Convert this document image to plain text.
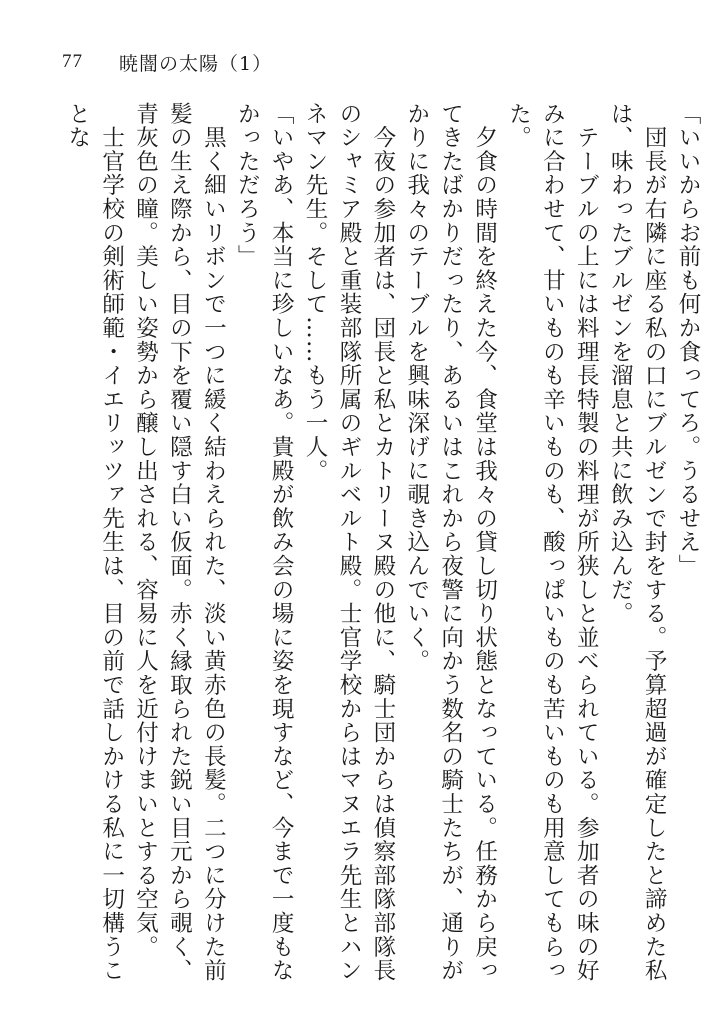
77 暁闇の太陽（1）

「いいからお前も何か食ってろ。うるせえ」

　団長が右隣に座る私の口にブルゼンで封をする。予算超過が確定したと諦めた私は、味わったブルゼンを溜息と共に飲み込んだ。

　テーブルの上には料理長特製の料理が所狭しと並べられている。参加者の味の好みに合わせて、甘いものも辛いものも、酸っぱいものも苦いものも用意してもらった。

　夕食の時間を終えた今、食堂は我々の貸し切り状態となっている。任務から戻ってきたばかりだったり、あるいはこれから夜警に向かう数名の騎士たちが、通りがかりに我々のテーブルを興味深げに覗き込んでいく。

　今夜の参加者は、団長と私とカトリーヌ殿の他に、騎士団からは偵察部隊部隊長のシャミア殿と重装部隊所属のギルベルト殿。士官学校からはマヌエラ先生とハンネマン先生。そして……もう一人。

「いやあ、本当に珍しいなあ。貴殿が飲み会の場に姿を現すなど、今まで一度もなかっただろう」

　黒く細いリボンで一つに緩く結わえられた、淡い黄赤色の長髪。二つに分けた前髪の生え際から、目の下を覆い隠す白い仮面。赤く縁取られた鋭い目元から覗く、青灰色の瞳。美しい姿勢から醸し出される、容易に人を近付けまいとする空気。

　士官学校の剣術師範・イエリッツァ先生は、目の前で話しかける私に一切構うことな
